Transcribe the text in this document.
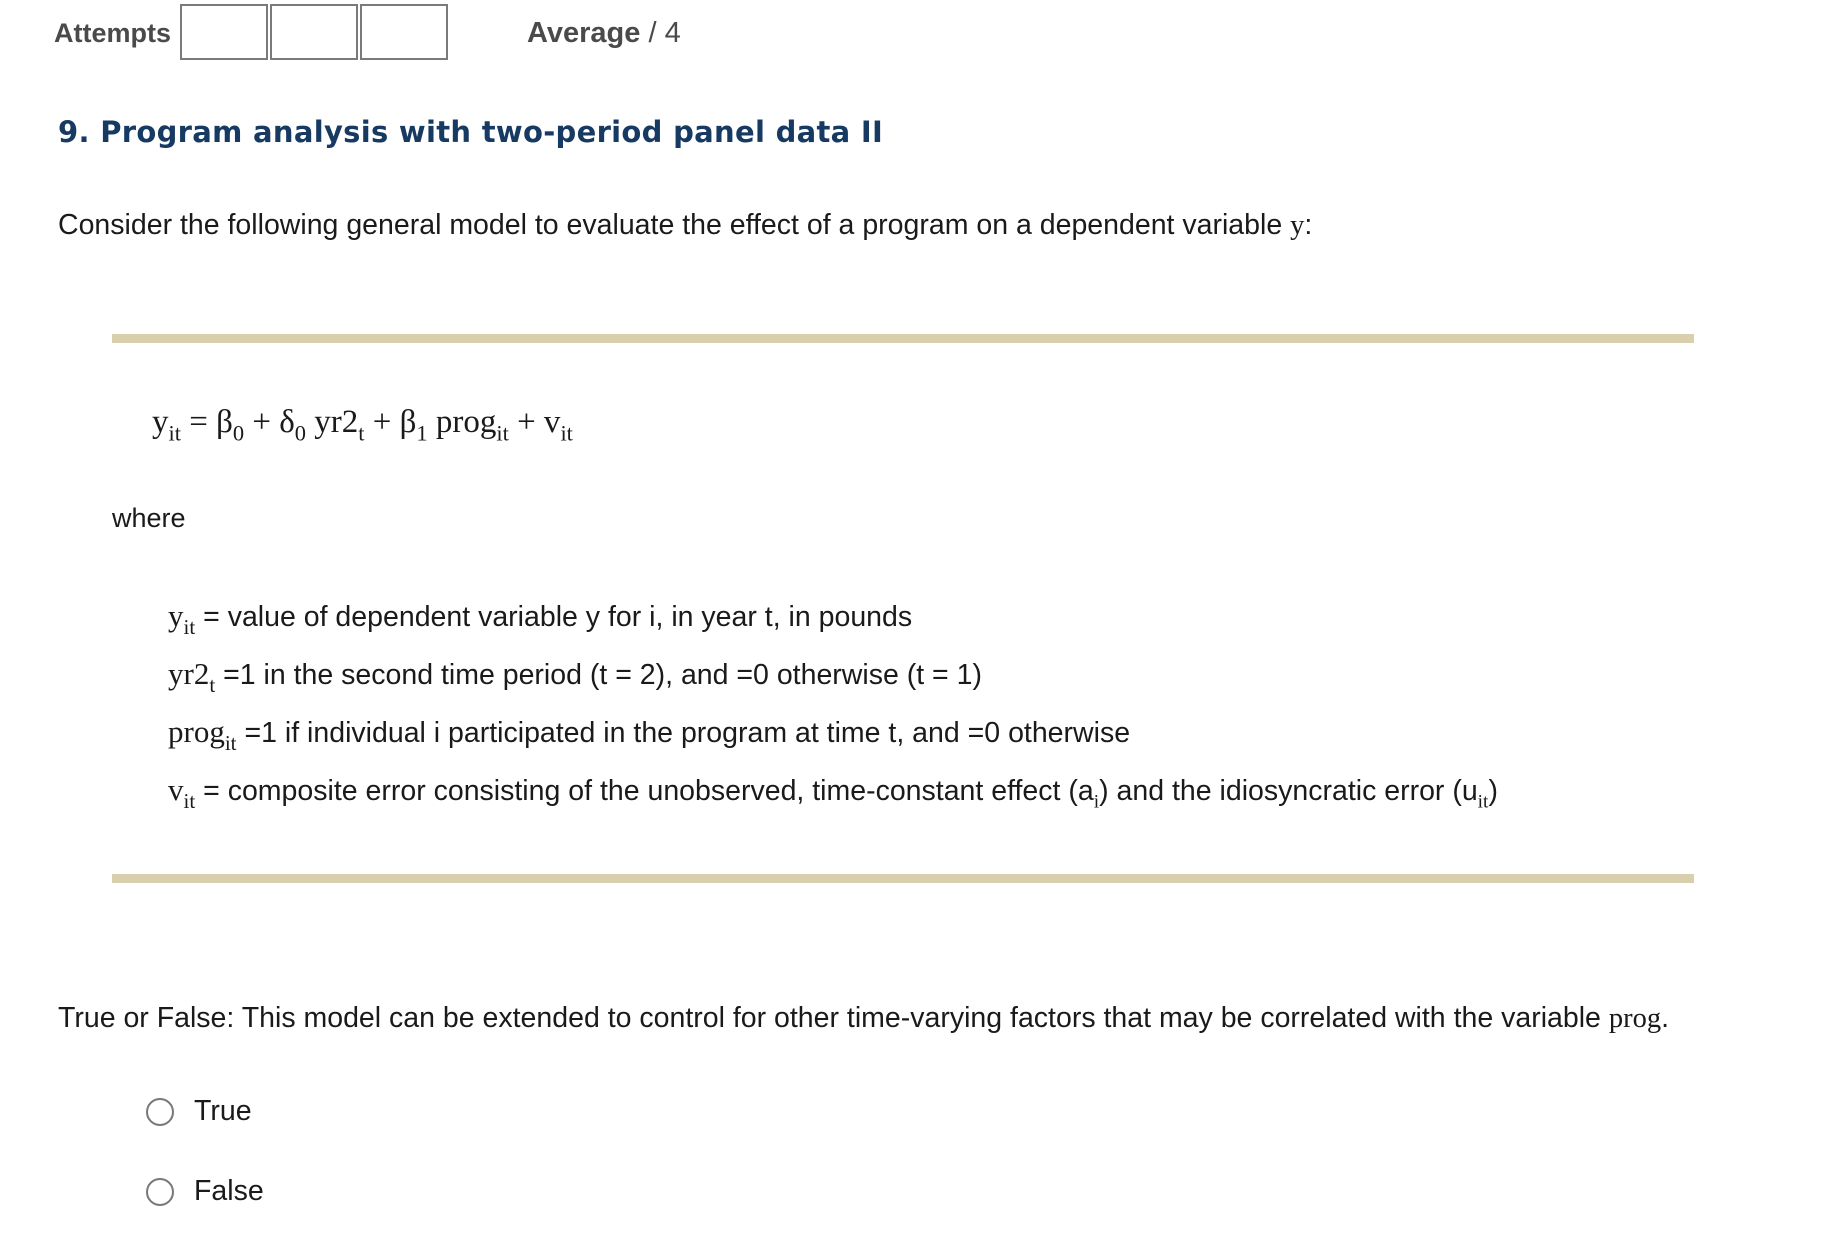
Attempts	Average / 4
9. Program analysis with two-period panel data II
Consider the following general model to evaluate the effect of a program on a dependent variable y:
$y_{it} = \beta_0 + \delta_0$ $yr2_t + \beta_1$ prog$_{it}$ + $v_{it}$
where
$y_{it}$ = value of dependent variable y for i, in year t, in pounds
$yr2_t =1$ in the second time period (t = 2), and =0 otherwise (t = 1)
prog$_{it}$ =1 if individual i participated in the program at time t, and =0 otherwise
$v_{it}$ = composite error consisting of the unobserved, time-constant effect $(a_i)$ and the idiosyncratic error $(u_{it})$
True or False: This model can be extended to control for other time-varying factors that may be correlated with the variable prog.
True
False
